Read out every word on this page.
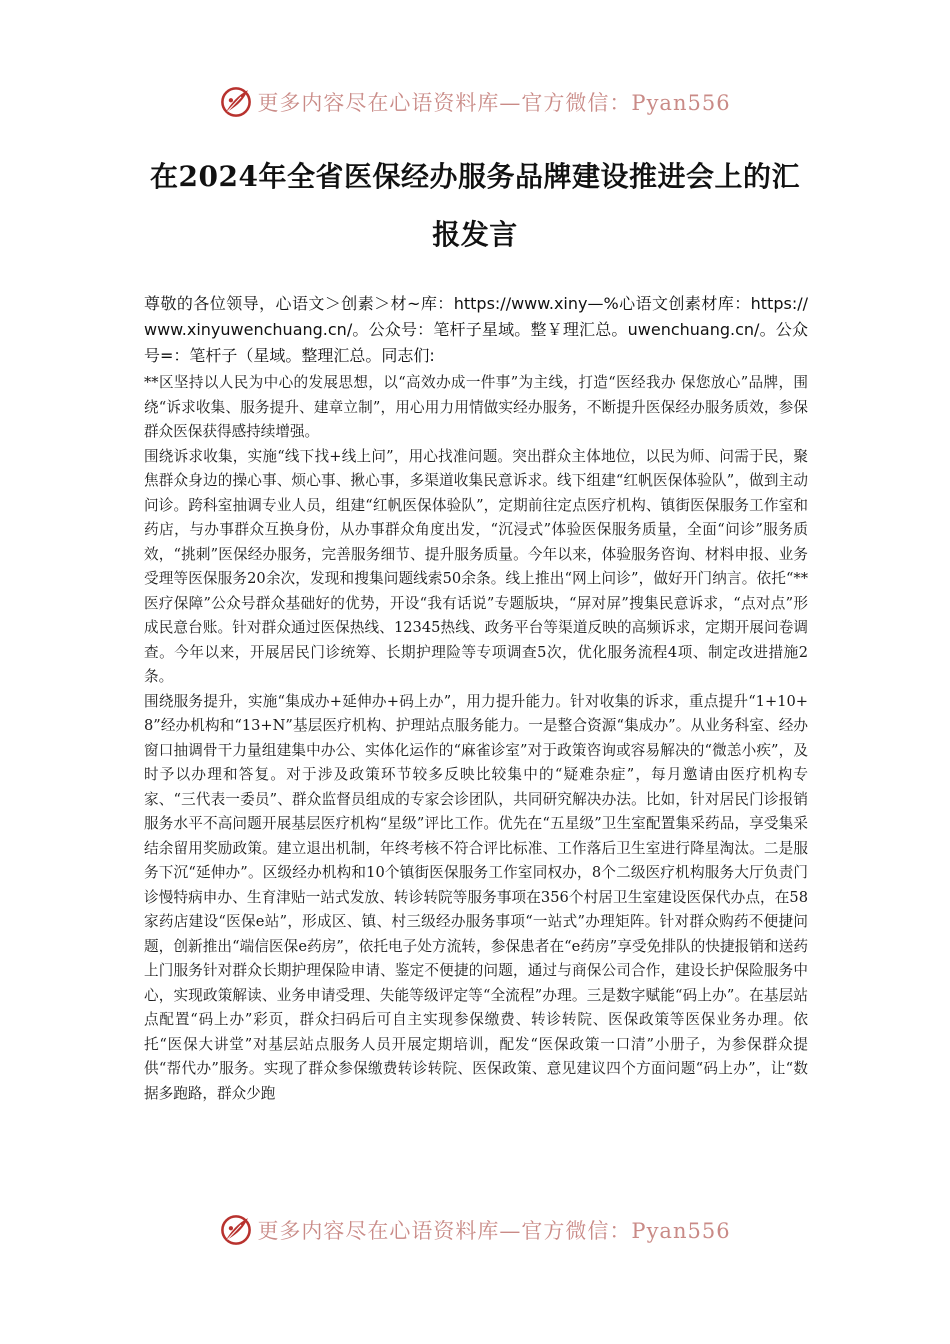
更多内容尽在心语资料库—官方微信：Pyan556
在2024年全省医保经办服务品牌建设推进会上的汇报发言

尊敬的各位领导，心语文＞创素＞材~库：https://www.xiny—%心语文创素材库：https://www.xinyuwenchuang.cn/。公众号：笔杆子星域。整￥理汇总。uwenchuang.cn/。公众号=：笔杆子（星域。整理汇总。同志们:

**区坚持以人民为中心的发展思想，以“高效办成一件事”为主线，打造“医经我办 保您放心”品牌，围绕“诉求收集、服务提升、建章立制”，用心用力用情做实经办服务，不断提升医保经办服务质效，参保群众医保获得感持续增强。

围绕诉求收集，实施“线下找+线上问”，用心找准问题。突出群众主体地位，以民为师、问需于民，聚焦群众身边的操心事、烦心事、揪心事，多渠道收集民意诉求。线下组建“红帆医保体验队”，做到主动问诊。跨科室抽调专业人员，组建“红帆医保体验队”，定期前往定点医疗机构、镇街医保服务工作室和药店，与办事群众互换身份，从办事群众角度出发，“沉浸式”体验医保服务质量，全面“问诊”服务质效，“挑刺”医保经办服务，完善服务细节、提升服务质量。今年以来，体验服务咨询、材料申报、业务受理等医保服务20余次，发现和搜集问题线索50余条。线上推出“网上问诊”，做好开门纳言。依托“**医疗保障”公众号群众基础好的优势，开设“我有话说”专题版块，“屏对屏”搜集民意诉求，“点对点”形成民意台账。针对群众通过医保热线、12345热线、政务平台等渠道反映的高频诉求，定期开展问卷调查。今年以来，开展居民门诊统筹、长期护理险等专项调查5次，优化服务流程4项、制定改进措施2条。

围绕服务提升，实施“集成办+延伸办+码上办”，用力提升能力。针对收集的诉求，重点提升“1+10+8”经办机构和“13+N”基层医疗机构、护理站点服务能力。一是整合资源“集成办”。从业务科室、经办窗口抽调骨干力量组建集中办公、实体化运作的“麻雀诊室”对于政策咨询或容易解决的“微恙小疾”，及时予以办理和答复。对于涉及政策环节较多反映比较集中的“疑难杂症”，每月邀请由医疗机构专家、“三代表一委员”、群众监督员组成的专家会诊团队，共同研究解决办法。比如，针对居民门诊报销服务水平不高问题开展基层医疗机构“星级”评比工作。优先在“五星级”卫生室配置集采药品，享受集采结余留用奖励政策。建立退出机制，年终考核不符合评比标准、工作落后卫生室进行降星淘汰。二是服务下沉“延伸办”。区级经办机构和10个镇街医保服务工作室同权办，8个二级医疗机构服务大厅负责门诊慢特病申办、生育津贴一站式发放、转诊转院等服务事项在356个村居卫生室建设医保代办点，在58家药店建设“医保e站”，形成区、镇、村三级经办服务事项“一站式”办理矩阵。针对群众购药不便捷问题，创新推出“端信医保e药房”，依托电子处方流转，参保患者在“e药房”享受免排队的快捷报销和送药上门服务针对群众长期护理保险申请、鉴定不便捷的问题，通过与商保公司合作，建设长护保险服务中心，实现政策解读、业务申请受理、失能等级评定等“全流程”办理。三是数字赋能“码上办”。在基层站点配置“码上办”彩页，群众扫码后可自主实现参保缴费、转诊转院、医保政策等医保业务办理。依托“医保大讲堂”对基层站点服务人员开展定期培训，配发“医保政策一口清”小册子，为参保群众提供“帮代办”服务。实现了群众参保缴费转诊转院、医保政策、意见建议四个方面问题“码上办”，让“数据多跑路，群众少跑

更多内容尽在心语资料库—官方微信：Pyan556
